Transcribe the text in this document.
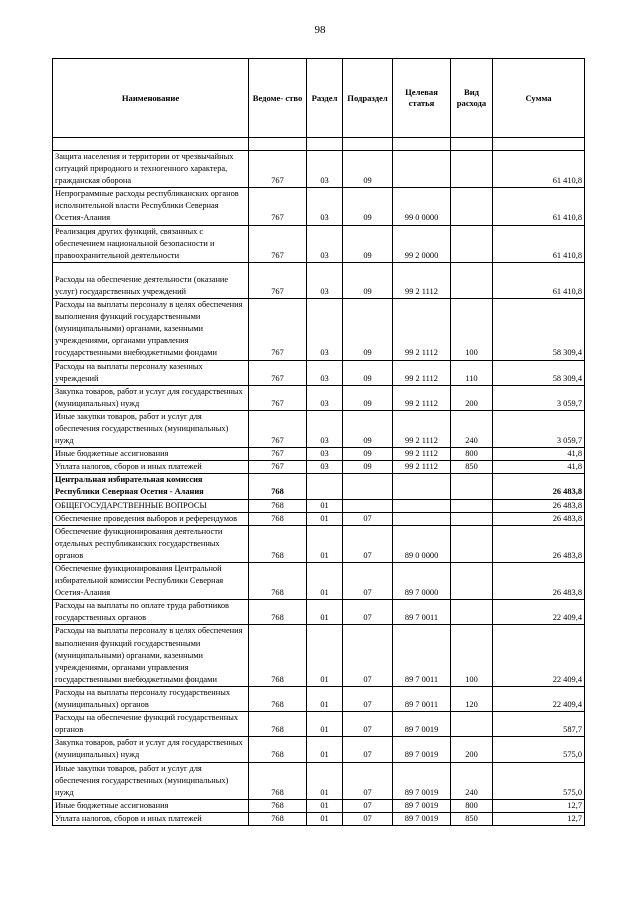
98
Наименование	Ведоме- ство	Раздел	Подраздел	Целевая статья	Вид расхода	Сумма

Защита населения и территории от чрезвычайных ситуаций природного и техногенного характера, гражданская оборона	767	03	09			61 410,8
Непрограммные расходы республиканских органов исполнительной власти Республики Северная Осетия-Алания	767	03	09	99 0 0000		61 410,8
Реализация других функций, связанных с обеспечением национальной безопасности и правоохранительной деятельности	767	03	09	99 2 0000		61 410,8
Расходы на обеспечение деятельности (оказание услуг) государственных учреждений	767	03	09	99 2 1112		61 410,8
Расходы на выплаты персоналу в целях обеспечения выполнения функций государственными (муниципальными) органами, казенными учреждениями, органами управления государственными внебюджетными фондами	767	03	09	99 2 1112	100	58 309,4
Расходы на выплаты персоналу казенных учреждений	767	03	09	99 2 1112	110	58 309,4
Закупка товаров, работ и услуг для государственных (муниципальных) нужд	767	03	09	99 2 1112	200	3 059,7
Иные закупки товаров, работ и услуг для обеспечения государственных (муниципальных) нужд	767	03	09	99 2 1112	240	3 059,7
Иные бюджетные ассигнования	767	03	09	99 2 1112	800	41,8
Уплата налогов, сборов и иных платежей	767	03	09	99 2 1112	850	41,8
Центральная избирательная комиссия Республики Северная Осетия - Алания	768					26 483,8
ОБЩЕГОСУДАРСТВЕННЫЕ ВОПРОСЫ	768	01				26 483,8
Обеспечение проведения выборов и референдумов	768	01	07			26 483,8
Обеспечение функционирования деятельности отдельных республиканских государственных органов	768	01	07	89 0 0000		26 483,8
Обеспечение функционирования Центральной избирательной комиссии Республики Северная Осетия-Алания	768	01	07	89 7 0000		26 483,8
Расходы на выплаты по оплате труда работников государственных органов	768	01	07	89 7 0011		22 409,4
Расходы на выплаты персоналу в целях обеспечения выполнения функций государственными (муниципальными) органами, казенными учреждениями, органами управления государственными внебюджетными фондами	768	01	07	89 7 0011	100	22 409,4
Расходы на выплаты персоналу государственных (муниципальных) органов	768	01	07	89 7 0011	120	22 409,4
Расходы на обеспечение функций государственных органов	768	01	07	89 7 0019		587,7
Закупка товаров, работ и услуг для государственных (муниципальных) нужд	768	01	07	89 7 0019	200	575,0
Иные закупки товаров, работ и услуг для обеспечения государственных (муниципальных) нужд	768	01	07	89 7 0019	240	575,0
Иные бюджетные ассигнования	768	01	07	89 7 0019	800	12,7
Уплата налогов, сборов и иных платежей	768	01	07	89 7 0019	850	12,7
